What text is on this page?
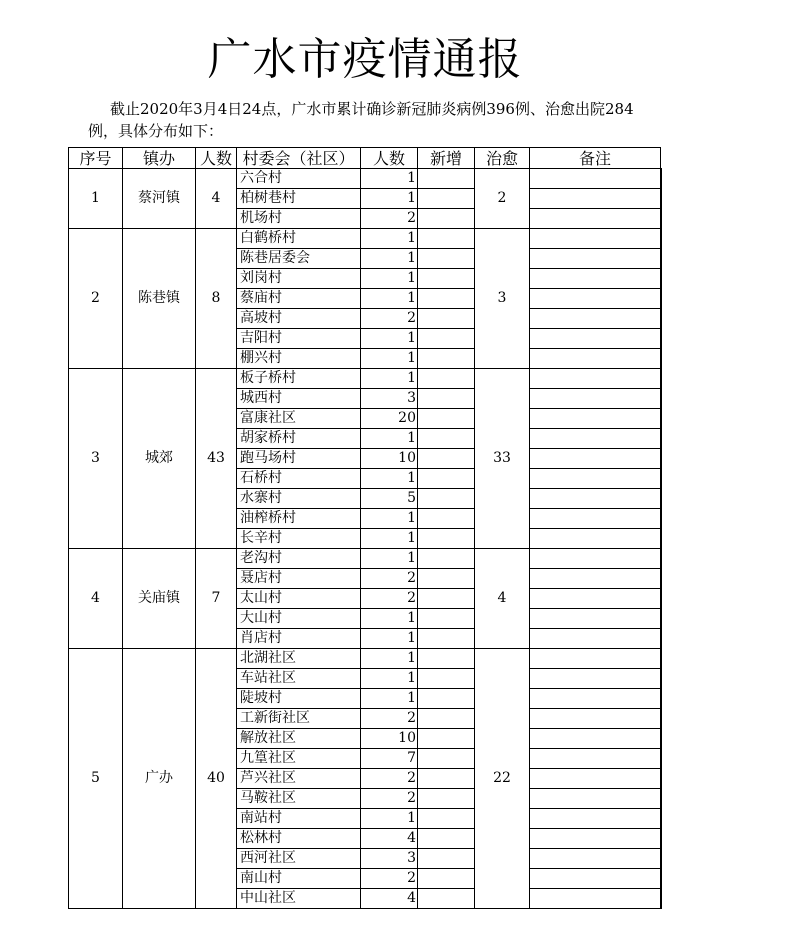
广水市疫情通报
截止2020年3月4日24点，广水市累计确诊新冠肺炎病例396例、治愈出院284例，具体分布如下：
序号	镇办	人数	村委会（社区）	人数	新增	治愈	备注
1	蔡河镇	4	六合村	1		2	
			柏树巷村	1			
			机场村	2			
2	陈巷镇	8	白鹤桥村	1		3	
			陈巷居委会	1			
			刘岗村	1			
			蔡庙村	1			
			高坡村	2			
			吉阳村	1			
			棚兴村	1			
3	城郊	43	板子桥村	1		33	
			城西村	3			
			富康社区	20			
			胡家桥村	1			
			跑马场村	10			
			石桥村	1			
			水寨村	5			
			油榨桥村	1			
			长辛村	1			
4	关庙镇	7	老沟村	1		4	
			聂店村	2			
			太山村	2			
			大山村	1			
			肖店村	1			
5	广办	40	北湖社区	1		22	
			车站社区	1			
			陡坡村	1			
			工新街社区	2			
			解放社区	10			
			九篁社区	7			
			芦兴社区	2			
			马鞍社区	2			
			南站村	1			
			松林村	4			
			西河社区	3			
			南山村	2			
			中山社区	4			
